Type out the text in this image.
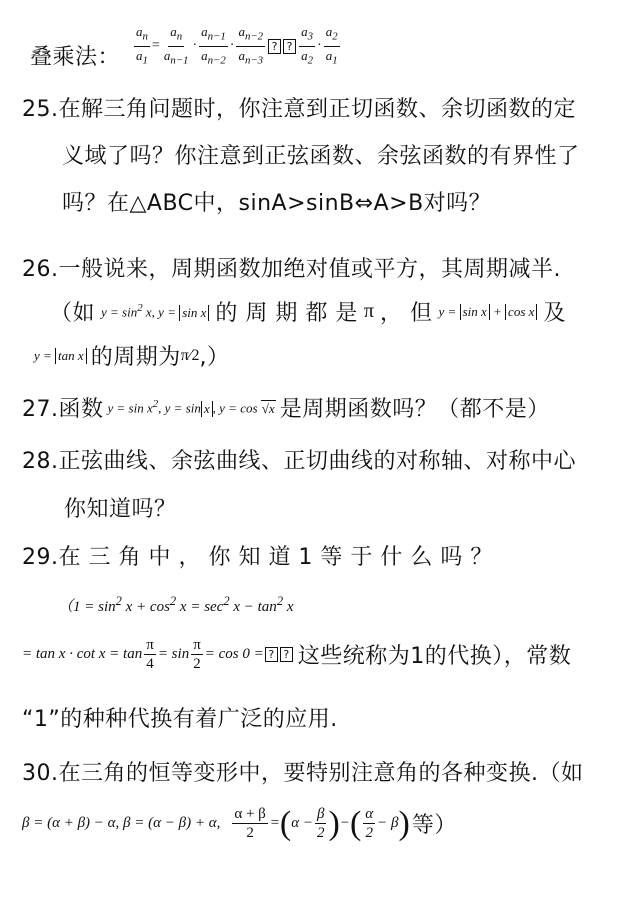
叠乘法： $\frac{a_n}{a_1} = \frac{a_n}{a_{n-1}} \cdot \frac{a_{n-1}}{a_{n-2}} \cdot \frac{a_{n-2}}{a_{n-3}}$ ? ? $\frac{a_3}{a_2} \cdot \frac{a_2}{a_1}$
25.在解三角问题时，你注意到正切函数、余切函数的定
义域了吗？你注意到正弦函数、余弦函数的有界性了
吗？在△ABC中，sinA>sinB⇔A>B对吗？
26.一般说来，周期函数加绝对值或平方，其周期减半.
（如 $y = \sin^2 x$, y = sin x 的 周 期 都 是 π ， 但 y = sin x + cos x 及
y = tan x 的周期为 π⁄2 ,）
27.函数 $y = \sin x^2$, y = sin x , y = cos √x 是周期函数吗？（都不是）
28.正弦曲线、余弦曲线、正切曲线的对称轴、对称中心
你知道吗？
29.在 三 角 中 ， 你 知 道 1 等 于 什 么 吗 ？
（$1 = \sin^2 x + \cos^2 x = \sec^2 x - \tan^2 x$
= $\tan x \cdot \cot x = \tan \frac{\pi}{4} = \sin \frac{\pi}{2} = \cos 0$ = ? ? 这些统称为1的代换），常数
“1”的种种代换有着广泛的应用.
30.在三角的恒等变形中，要特别注意角的各种变换.（如
β = (α + β) − α, β = (α − β) + α, $\frac{\alpha + \beta}{2}$ = ( $\alpha - \frac{\beta}{2}$ ) − ( $\frac{\alpha}{2} - \beta$ ) 等）
